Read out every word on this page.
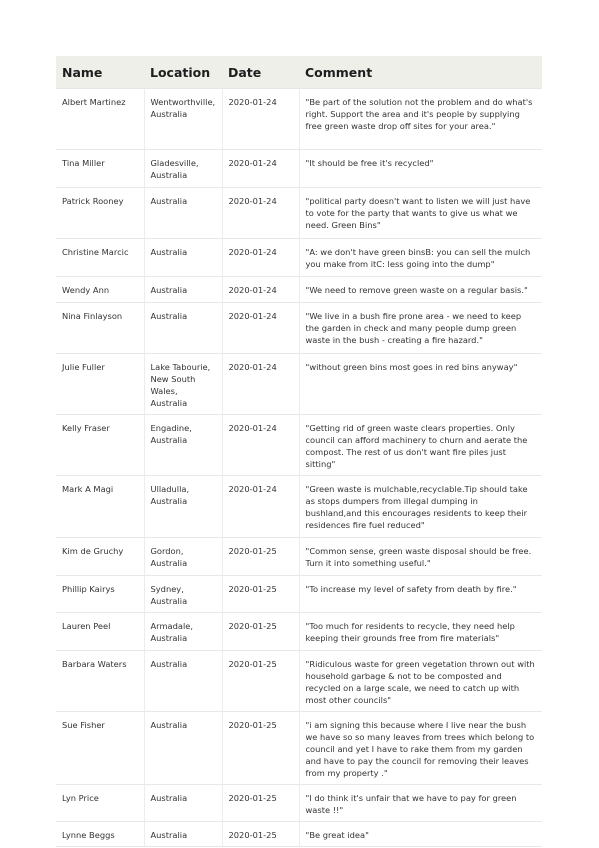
Name	Location	Date	Comment
Albert Martinez	Wentworthville, Australia	2020-01-24	"Be part of the solution not the problem and do what's right. Support the area and it's people by supplying free green waste drop off sites for your area."
Tina Miller	Gladesville, Australia	2020-01-24	"It should be free it's recycled"
Patrick Rooney	Australia	2020-01-24	"political party doesn't want to listen we will just have to vote for the party that wants to give us what we need. Green Bins"
Christine Marcic	Australia	2020-01-24	"A: we don't have green binsB: you can sell the mulch you make from itC: less going into the dump"
Wendy Ann	Australia	2020-01-24	"We need to remove green waste on a regular basis."
Nina Finlayson	Australia	2020-01-24	"We live in a bush fire prone area - we need to keep the garden in check and many people dump green waste in the bush - creating a fire hazard."
Julie Fuller	Lake Tabourie, New South Wales, Australia	2020-01-24	"without green bins most goes in red bins anyway"
Kelly Fraser	Engadine, Australia	2020-01-24	"Getting rid of green waste clears properties. Only council can afford machinery to churn and aerate the compost. The rest of us don't want fire piles just sitting"
Mark A Magi	Ulladulla, Australia	2020-01-24	"Green waste is mulchable,recyclable.Tip should take as stops dumpers from illegal dumping in bushland,and this encourages residents to keep their residences fire fuel reduced"
Kim de Gruchy	Gordon, Australia	2020-01-25	"Common sense, green waste disposal should be free. Turn it into something useful."
Phillip Kairys	Sydney, Australia	2020-01-25	"To increase my level of safety from death by fire."
Lauren Peel	Armadale, Australia	2020-01-25	"Too much for residents to recycle, they need help keeping their grounds free from fire materials"
Barbara Waters	Australia	2020-01-25	"Ridiculous waste for green vegetation thrown out with household garbage & not to be composted and recycled on a large scale, we need to catch up with most other councils"
Sue Fisher	Australia	2020-01-25	"i am signing this because where I live near the bush we have so so many leaves from trees which belong to council and yet I have to rake them from my garden and have to pay the council for removing their leaves from my property ."
Lyn Price	Australia	2020-01-25	"I do think it's unfair that we have to pay for green waste !!"
Lynne Beggs	Australia	2020-01-25	"Be great idea"
